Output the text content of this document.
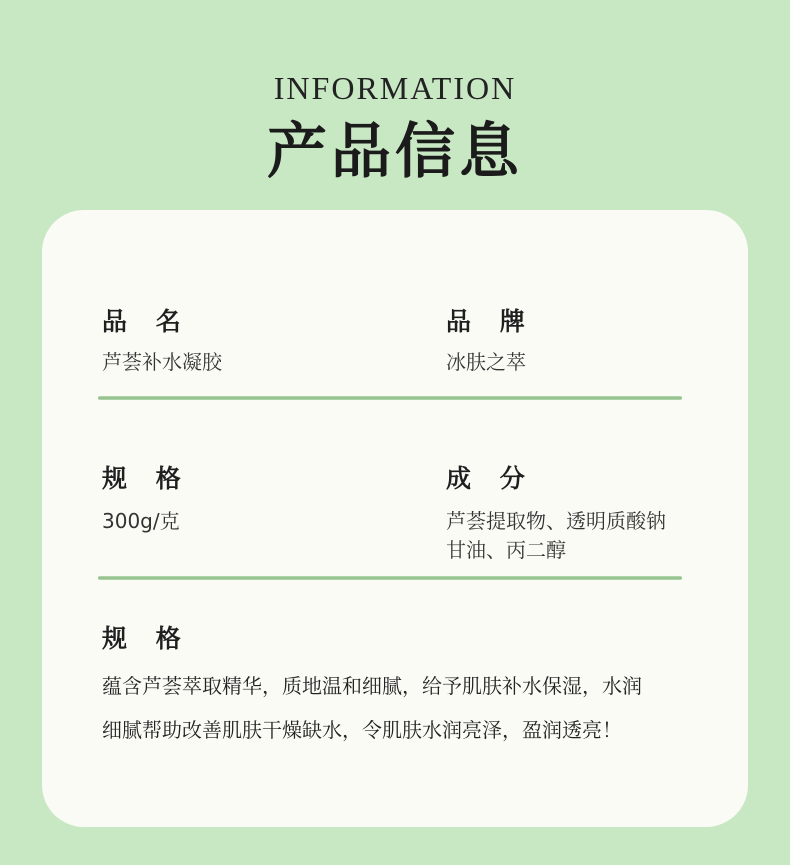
INFORMATION
产品信息
品 名
芦荟补水凝胶
品 牌
冰肤之萃
规 格
300g/克
成 分
芦荟提取物、透明质酸钠
甘油、丙二醇
规 格
蕴含芦荟萃取精华，质地温和细腻，给予肌肤补水保湿，水润
细腻帮助改善肌肤干燥缺水，令肌肤水润亮泽，盈润透亮！
